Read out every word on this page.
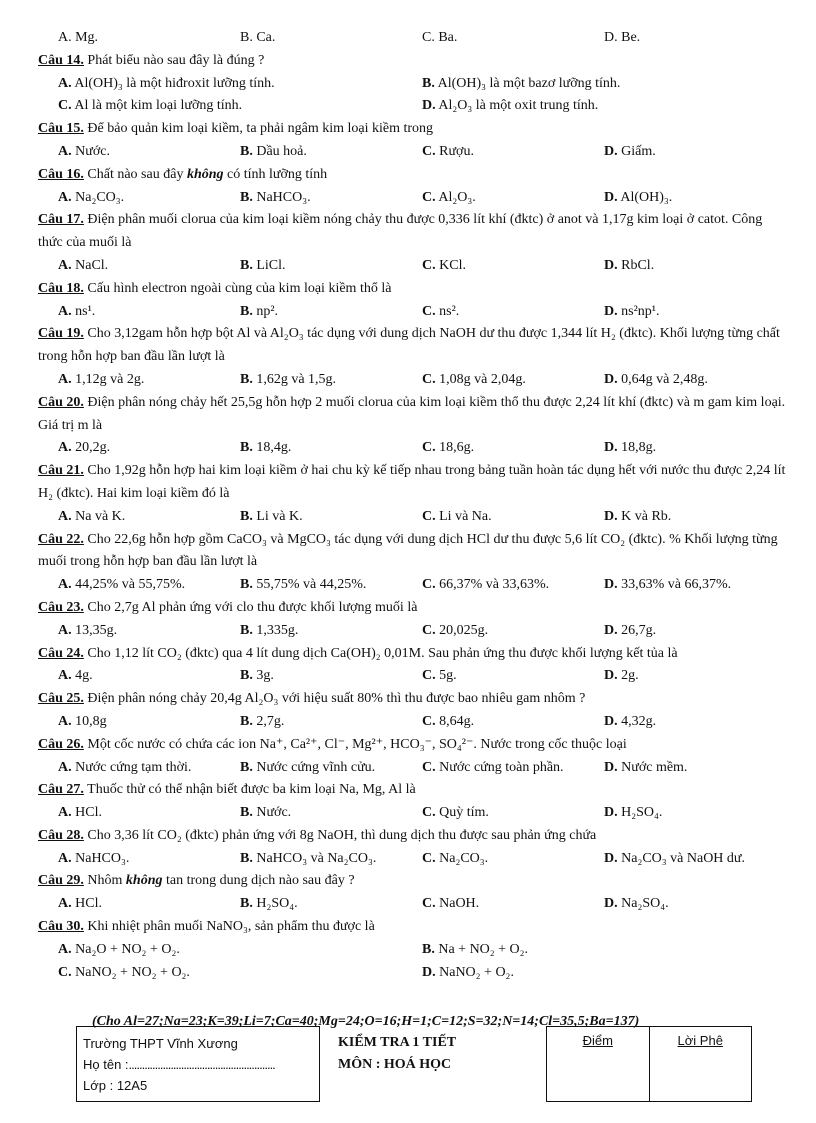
A. Mg.	B. Ca.	C. Ba.	D. Be.
Câu 14. Phát biểu nào sau đây là đúng ?
A. Al(OH)₃ là một hiđroxit lưỡng tính.	B. Al(OH)₃ là một bazơ lưỡng tính.
C. Al là một kim loại lưỡng tính.	D. Al₂O₃ là một oxit trung tính.
Câu 15. Để bảo quản kim loại kiềm, ta phải ngâm kim loại kiềm trong
A. Nước.	B. Dầu hoả.	C. Rượu.	D. Giấm.
Câu 16. Chất nào sau đây không có tính lưỡng tính
A. Na₂CO₃.	B. NaHCO₃.	C. Al₂O₃.	D. Al(OH)₃.
Câu 17. Điện phân muối clorua của kim loại kiềm nóng chảy thu được 0,336 lít khí (đktc) ở anot và 1,17g kim loại ở catot. Công thức của muối là
A. NaCl.	B. LiCl.	C. KCl.	D. RbCl.
Câu 18. Cấu hình electron ngoài cùng của kim loại kiềm thổ là
A. ns¹.	B. np².	C. ns².	D. ns²np¹.
Câu 19. Cho 3,12gam hỗn hợp bột Al và Al₂O₃ tác dụng với dung dịch NaOH dư thu được 1,344 lít H₂ (đktc). Khối lượng từng chất trong hỗn hợp ban đầu lần lượt là
A. 1,12g và 2g.	B. 1,62g và 1,5g.	C. 1,08g và 2,04g.	D. 0,64g và 2,48g.
Câu 20. Điện phân nóng chảy hết 25,5g hỗn hợp 2 muối clorua của kim loại kiềm thổ thu được 2,24 lít khí (đktc) và m gam kim loại. Giá trị m là
A. 20,2g.	B. 18,4g.	C. 18,6g.	D. 18,8g.
Câu 21. Cho 1,92g hỗn hợp hai kim loại kiềm ở hai chu kỳ kế tiếp nhau trong bảng tuần hoàn tác dụng hết với nước thu được 2,24 lít H₂ (đktc). Hai kim loại kiềm đó là
A. Na và K.	B. Li và K.	C. Li và Na.	D. K và Rb.
Câu 22. Cho 22,6g hỗn hợp gồm CaCO₃ và MgCO₃ tác dụng với dung dịch HCl dư thu được 5,6 lít CO₂ (đktc). % Khối lượng từng muối trong hỗn hợp ban đầu lần lượt là
A. 44,25% và 55,75%.	B. 55,75% và 44,25%.	C. 66,37% và 33,63%.	D. 33,63% và 66,37%.
Câu 23. Cho 2,7g Al phản ứng với clo thu được khối lượng muối là
A. 13,35g.	B. 1,335g.	C. 20,025g.	D. 26,7g.
Câu 24. Cho 1,12 lít CO₂ (đktc) qua 4 lít dung dịch Ca(OH)₂ 0,01M. Sau phản ứng thu được khối lượng kết tủa là
A. 4g.	B. 3g.	C. 5g.	D. 2g.
Câu 25. Điện phân nóng chảy 20,4g Al₂O₃ với hiệu suất 80% thì thu được bao nhiêu gam nhôm ?
A. 10,8g	B. 2,7g.	C. 8,64g.	D. 4,32g.
Câu 26. Một cốc nước có chứa các ion Na⁺, Ca²⁺, Cl⁻, Mg²⁺, HCO₃⁻, SO₄²⁻. Nước trong cốc thuộc loại
A. Nước cứng tạm thời.	B. Nước cứng vĩnh cửu.	C. Nước cứng toàn phần.	D. Nước mềm.
Câu 27. Thuốc thử có thể nhận biết được ba kim loại Na, Mg, Al là
A. HCl.	B. Nước.	C. Quỳ tím.	D. H₂SO₄.
Câu 28. Cho 3,36 lít CO₂ (đktc) phản ứng với 8g NaOH, thì dung dịch thu được sau phản ứng chứa
A. NaHCO₃.	B. NaHCO₃ và Na₂CO₃.	C. Na₂CO₃.	D. Na₂CO₃ và NaOH dư.
Câu 29. Nhôm không tan trong dung dịch nào sau đây ?
A. HCl.	B. H₂SO₄.	C. NaOH.	D. Na₂SO₄.
Câu 30. Khi nhiệt phân muối NaNO₃, sản phẩm thu được là
A. Na₂O + NO₂ + O₂.	B. Na + NO₂ + O₂.
C. NaNO₂ + NO₂ + O₂.	D. NaNO₂ + O₂.
(Cho Al=27;Na=23;K=39;Li=7;Ca=40;Mg=24;O=16;H=1;C=12;S=32;N=14;Cl=35,5;Ba=137)
Trường THPT Vĩnh Xương
Họ tên :........................................................
Lớp : 12A5
KIỂM TRA 1 TIẾT
MÔN : HOÁ HỌC
Điểm	Lời Phê
